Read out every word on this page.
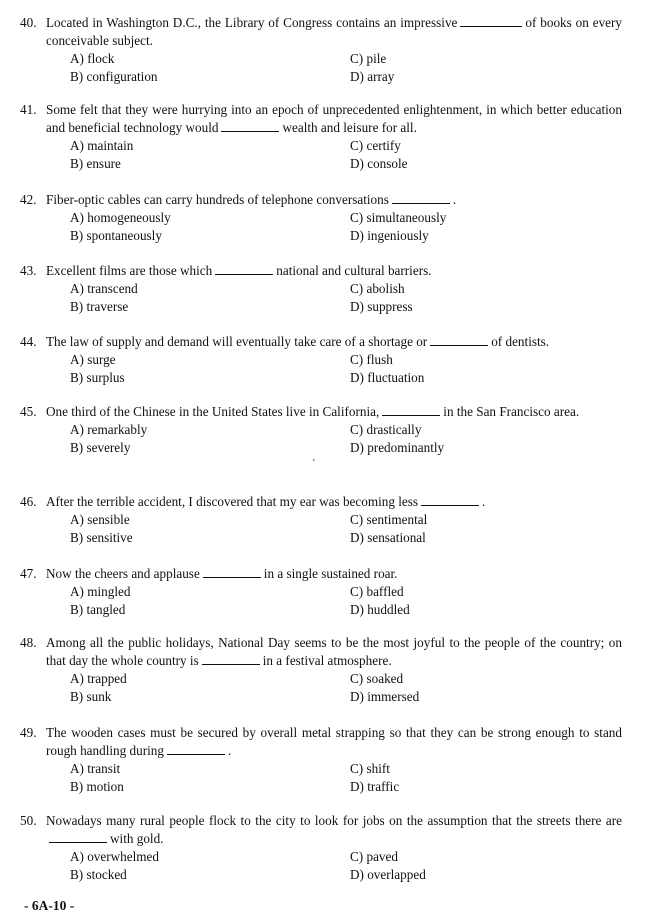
40. Located in Washington D.C., the Library of Congress contains an impressive	of books on every conceivable subject.
A) flock	C) pile
B) configuration	D) array
41. Some felt that they were hurrying into an epoch of unprecedented enlightenment, in which better education and beneficial technology would	wealth and leisure for all.
A) maintain	C) certify
B) ensure	D) console
42. Fiber-optic cables can carry hundreds of telephone conversations	.
A) homogeneously	C) simultaneously
B) spontaneously	D) ingeniously
43. Excellent films are those which	national and cultural barriers.
A) transcend	C) abolish
B) traverse	D) suppress
44. The law of supply and demand will eventually take care of a shortage or	of dentists.
A) surge	C) flush
B) surplus	D) fluctuation
45. One third of the Chinese in the United States live in California,	in the San Francisco area.
A) remarkably	C) drastically
B) severely	D) predominantly
46. After the terrible accident, I discovered that my ear was becoming less	.
A) sensible	C) sentimental
B) sensitive	D) sensational
47. Now the cheers and applause	in a single sustained roar.
A) mingled	C) baffled
B) tangled	D) huddled
48. Among all the public holidays, National Day seems to be the most joyful to the people of the country; on that day the whole country is	in a festival atmosphere.
A) trapped	C) soaked
B) sunk	D) immersed
49. The wooden cases must be secured by overall metal strapping so that they can be strong enough to stand rough handling during	.
A) transit	C) shift
B) motion	D) traffic
50. Nowadays many rural people flock to the city to look for jobs on the assumption that the streets there arewith gold.
A) overwhelmed	C) paved
B) stocked	D) overlapped
'
- 6A-10 -
